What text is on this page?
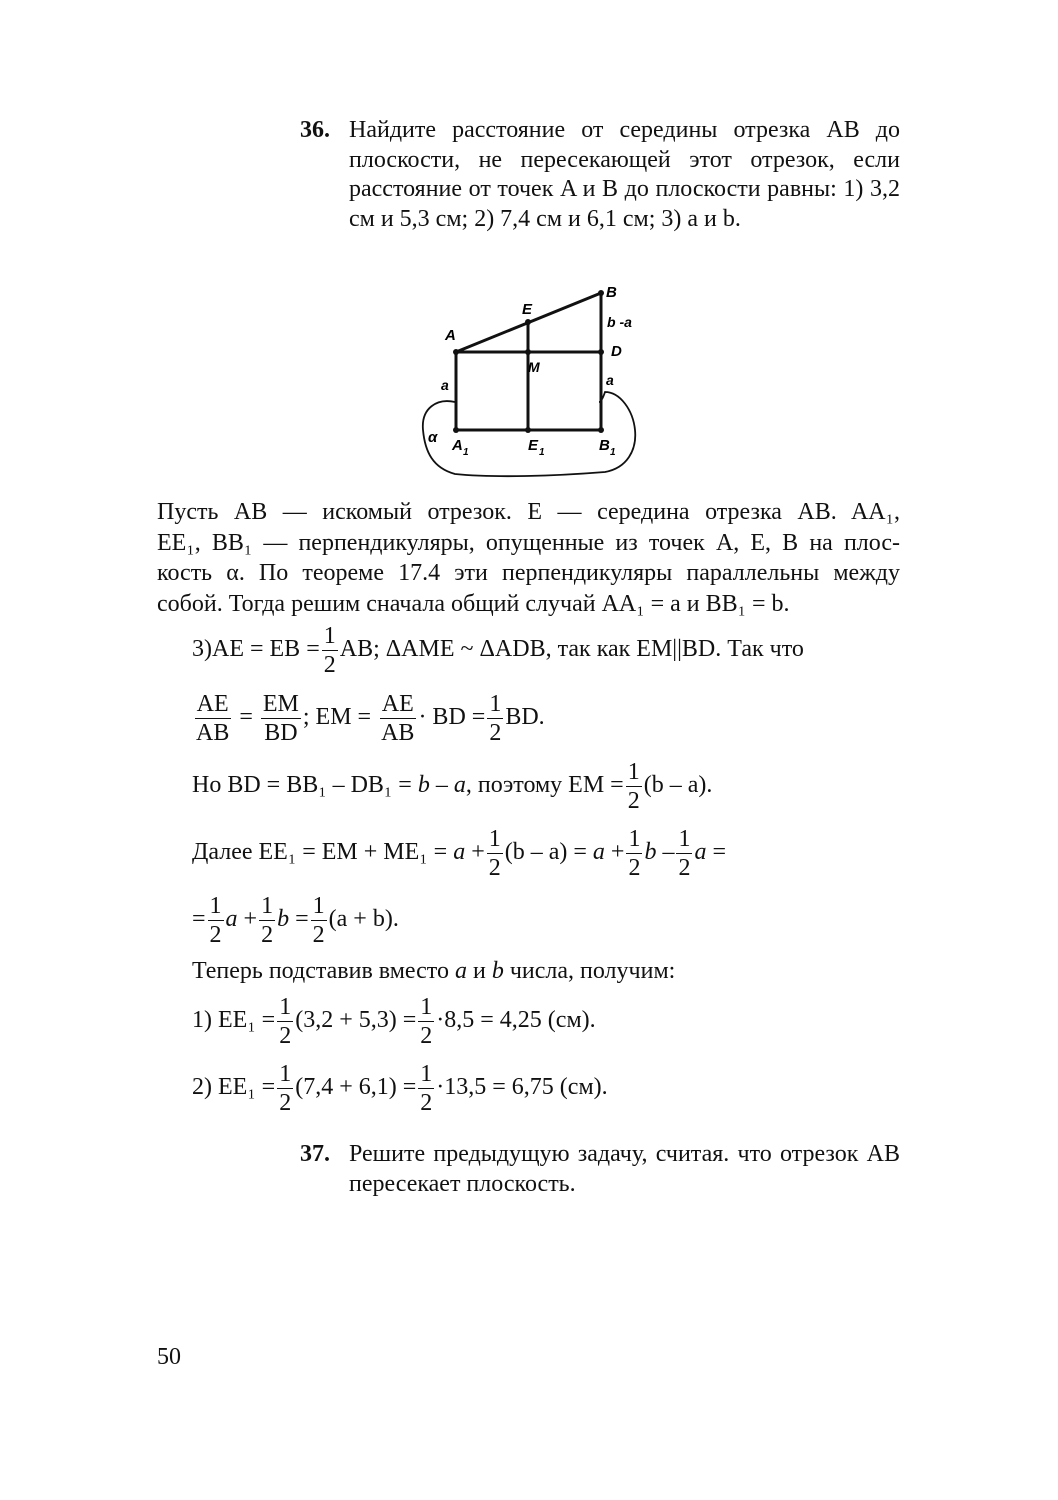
36. Найдите расстояние от середины отрезка AB до плоскости, не пересекающей этот отрезок, если расстояние от точек A и B до плоскости равны: 1) 3,2 см и 5,3 см; 2) 7,4 см и 6,1 см; 3) a и b.
A
E
B
b -a
D
M
a	a
α A 1	E 1	B 1
Пусть AB — искомый отрезок. E — середина отрезка AB. AA₁,
EE₁, BB₁ — перпендикуляры, опущенные из точек A, E, B на плос-
кость α. По теореме 17.4 эти перпендикуляры параллельны между
собой. Тогда решим сначала общий случай AA₁ = a и BB₁ = b.
3)AE = EB = $\frac{1}{2}$ AB; ΔAME ~ ΔADB, так как EM||BD. Так что
$\frac{AE}{AB} = \frac{EM}{BD}$ ; EM = $\frac{AE}{AB}$ · BD = $\frac{1}{2}$ BD.
Но BD = BB₁ – DB₁ = b – a, поэтому EM = $\frac{1}{2} (b - a)$.
Далее EE₁ = EM + $ME_1 = a + \frac{1}{2} (b - a) = a + \frac{1}{2}$ b – $\frac{1}{2}$ a =
= $\frac{1}{2}$ $a + \frac{1}{2}$ $b = \frac{1}{2} (a + b)$.
Теперь подставив вместо a и b числа, получим:
1) $EE_1 = \frac{1}{2} (3,2 + 5,3) = \frac{1}{2} \cdot 8,5 = 4,25$ (см).
2) $EE_1 = \frac{1}{2} (7,4 + 6,1) = \frac{1}{2} \cdot 13,5 = 6,75$ (см).
37. Решите предыдущую задачу, считая. что отрезок AB пересекает плоскость.
50
